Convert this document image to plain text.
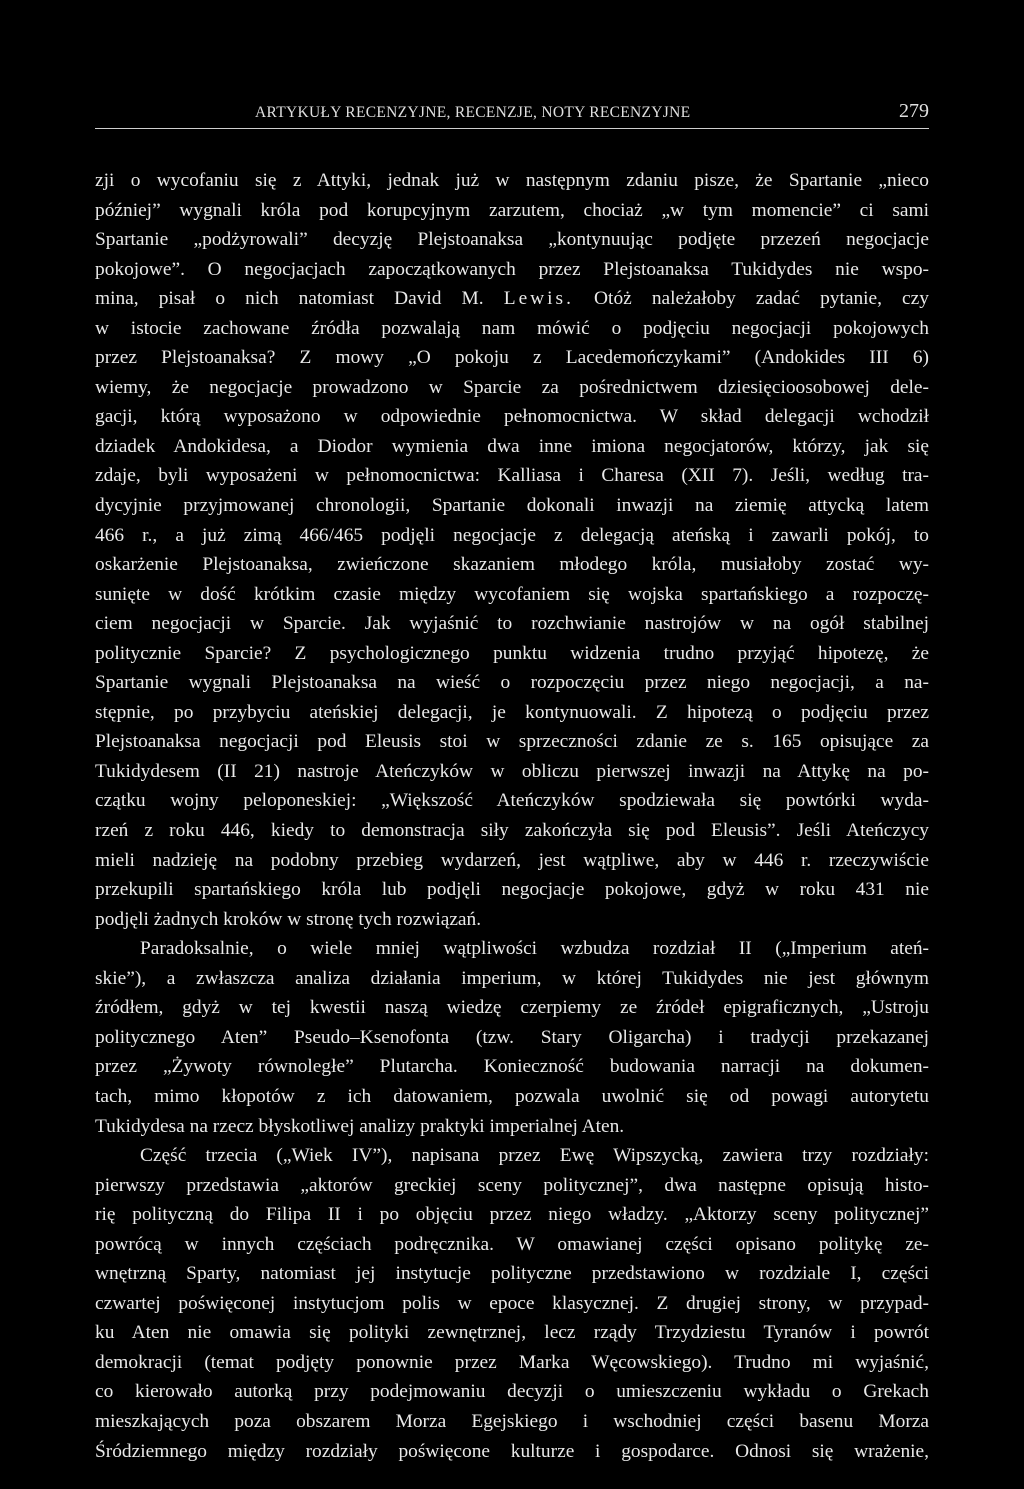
ARTYKUŁY RECENZYJNE, RECENZJE, NOTY RECENZYJNE	279
zji o wycofaniu się z Attyki, jednak już w następnym zdaniu pisze, że Spartanie „nieco
później” wygnali króla pod korupcyjnym zarzutem, chociaż „w tym momencie” ci sami
Spartanie „podżyrowali” decyzję Plejstoanaksa „kontynuując podjęte przezeń negocjacje
pokojowe”. O negocjacjach zapoczątkowanych przez Plejstoanaksa Tukidydes nie wspo-
mina, pisał o nich natomiast David M. Lewis. Otóż należałoby zadać pytanie, czy
w istocie zachowane źródła pozwalają nam mówić o podjęciu negocjacji pokojowych
przez Plejstoanaksa? Z mowy „O pokoju z Lacedemończykami” (Andokides III 6)
wiemy, że negocjacje prowadzono w Sparcie za pośrednictwem dziesięcioosobowej dele-
gacji, którą wyposażono w odpowiednie pełnomocnictwa. W skład delegacji wchodził
dziadek Andokidesa, a Diodor wymienia dwa inne imiona negocjatorów, którzy, jak się
zdaje, byli wyposażeni w pełnomocnictwa: Kalliasa i Charesa (XII 7). Jeśli, według tra-
dycyjnie przyjmowanej chronologii, Spartanie dokonali inwazji na ziemię attycką latem
466 r., a już zimą 466/465 podjęli negocjacje z delegacją ateńską i zawarli pokój, to
oskarżenie Plejstoanaksa, zwieńczone skazaniem młodego króla, musiałoby zostać wy-
sunięte w dość krótkim czasie między wycofaniem się wojska spartańskiego a rozpoczę-
ciem negocjacji w Sparcie. Jak wyjaśnić to rozchwianie nastrojów w na ogół stabilnej
politycznie Sparcie? Z psychologicznego punktu widzenia trudno przyjąć hipotezę, że
Spartanie wygnali Plejstoanaksa na wieść o rozpoczęciu przez niego negocjacji, a na-
stępnie, po przybyciu ateńskiej delegacji, je kontynuowali. Z hipotezą o podjęciu przez
Plejstoanaksa negocjacji pod Eleusis stoi w sprzeczności zdanie ze s. 165 opisujące za
Tukidydesem (II 21) nastroje Ateńczyków w obliczu pierwszej inwazji na Attykę na po-
czątku wojny peloponeskiej: „Większość Ateńczyków spodziewała się powtórki wyda-
rzeń z roku 446, kiedy to demonstracja siły zakończyła się pod Eleusis”. Jeśli Ateńczycy
mieli nadzieję na podobny przebieg wydarzeń, jest wątpliwe, aby w 446 r. rzeczywiście
przekupili spartańskiego króla lub podjęli negocjacje pokojowe, gdyż w roku 431 nie
podjęli żadnych kroków w stronę tych rozwiązań.
Paradoksalnie, o wiele mniej wątpliwości wzbudza rozdział II („Imperium ateń-
skie”), a zwłaszcza analiza działania imperium, w której Tukidydes nie jest głównym
źródłem, gdyż w tej kwestii naszą wiedzę czerpiemy ze źródeł epigraficznych, „Ustroju
politycznego Aten” Pseudo–Ksenofonta (tzw. Stary Oligarcha) i tradycji przekazanej
przez „Żywoty równoległe” Plutarcha. Konieczność budowania narracji na dokumen-
tach, mimo kłopotów z ich datowaniem, pozwala uwolnić się od powagi autorytetu
Tukidydesa na rzecz błyskotliwej analizy praktyki imperialnej Aten.
Część trzecia („Wiek IV”), napisana przez Ewę Wipszycką, zawiera trzy rozdziały:
pierwszy przedstawia „aktorów greckiej sceny politycznej”, dwa następne opisują histo-
rię polityczną do Filipa II i po objęciu przez niego władzy. „Aktorzy sceny politycznej”
powrócą w innych częściach podręcznika. W omawianej części opisano politykę ze-
wnętrzną Sparty, natomiast jej instytucje polityczne przedstawiono w rozdziale I, części
czwartej poświęconej instytucjom polis w epoce klasycznej. Z drugiej strony, w przypad-
ku Aten nie omawia się polityki zewnętrznej, lecz rządy Trzydziestu Tyranów i powrót
demokracji (temat podjęty ponownie przez Marka Węcowskiego). Trudno mi wyjaśnić,
co kierowało autorką przy podejmowaniu decyzji o umieszczeniu wykładu o Grekach
mieszkających poza obszarem Morza Egejskiego i wschodniej części basenu Morza
Śródziemnego między rozdziały poświęcone kulturze i gospodarce. Odnosi się wrażenie,
